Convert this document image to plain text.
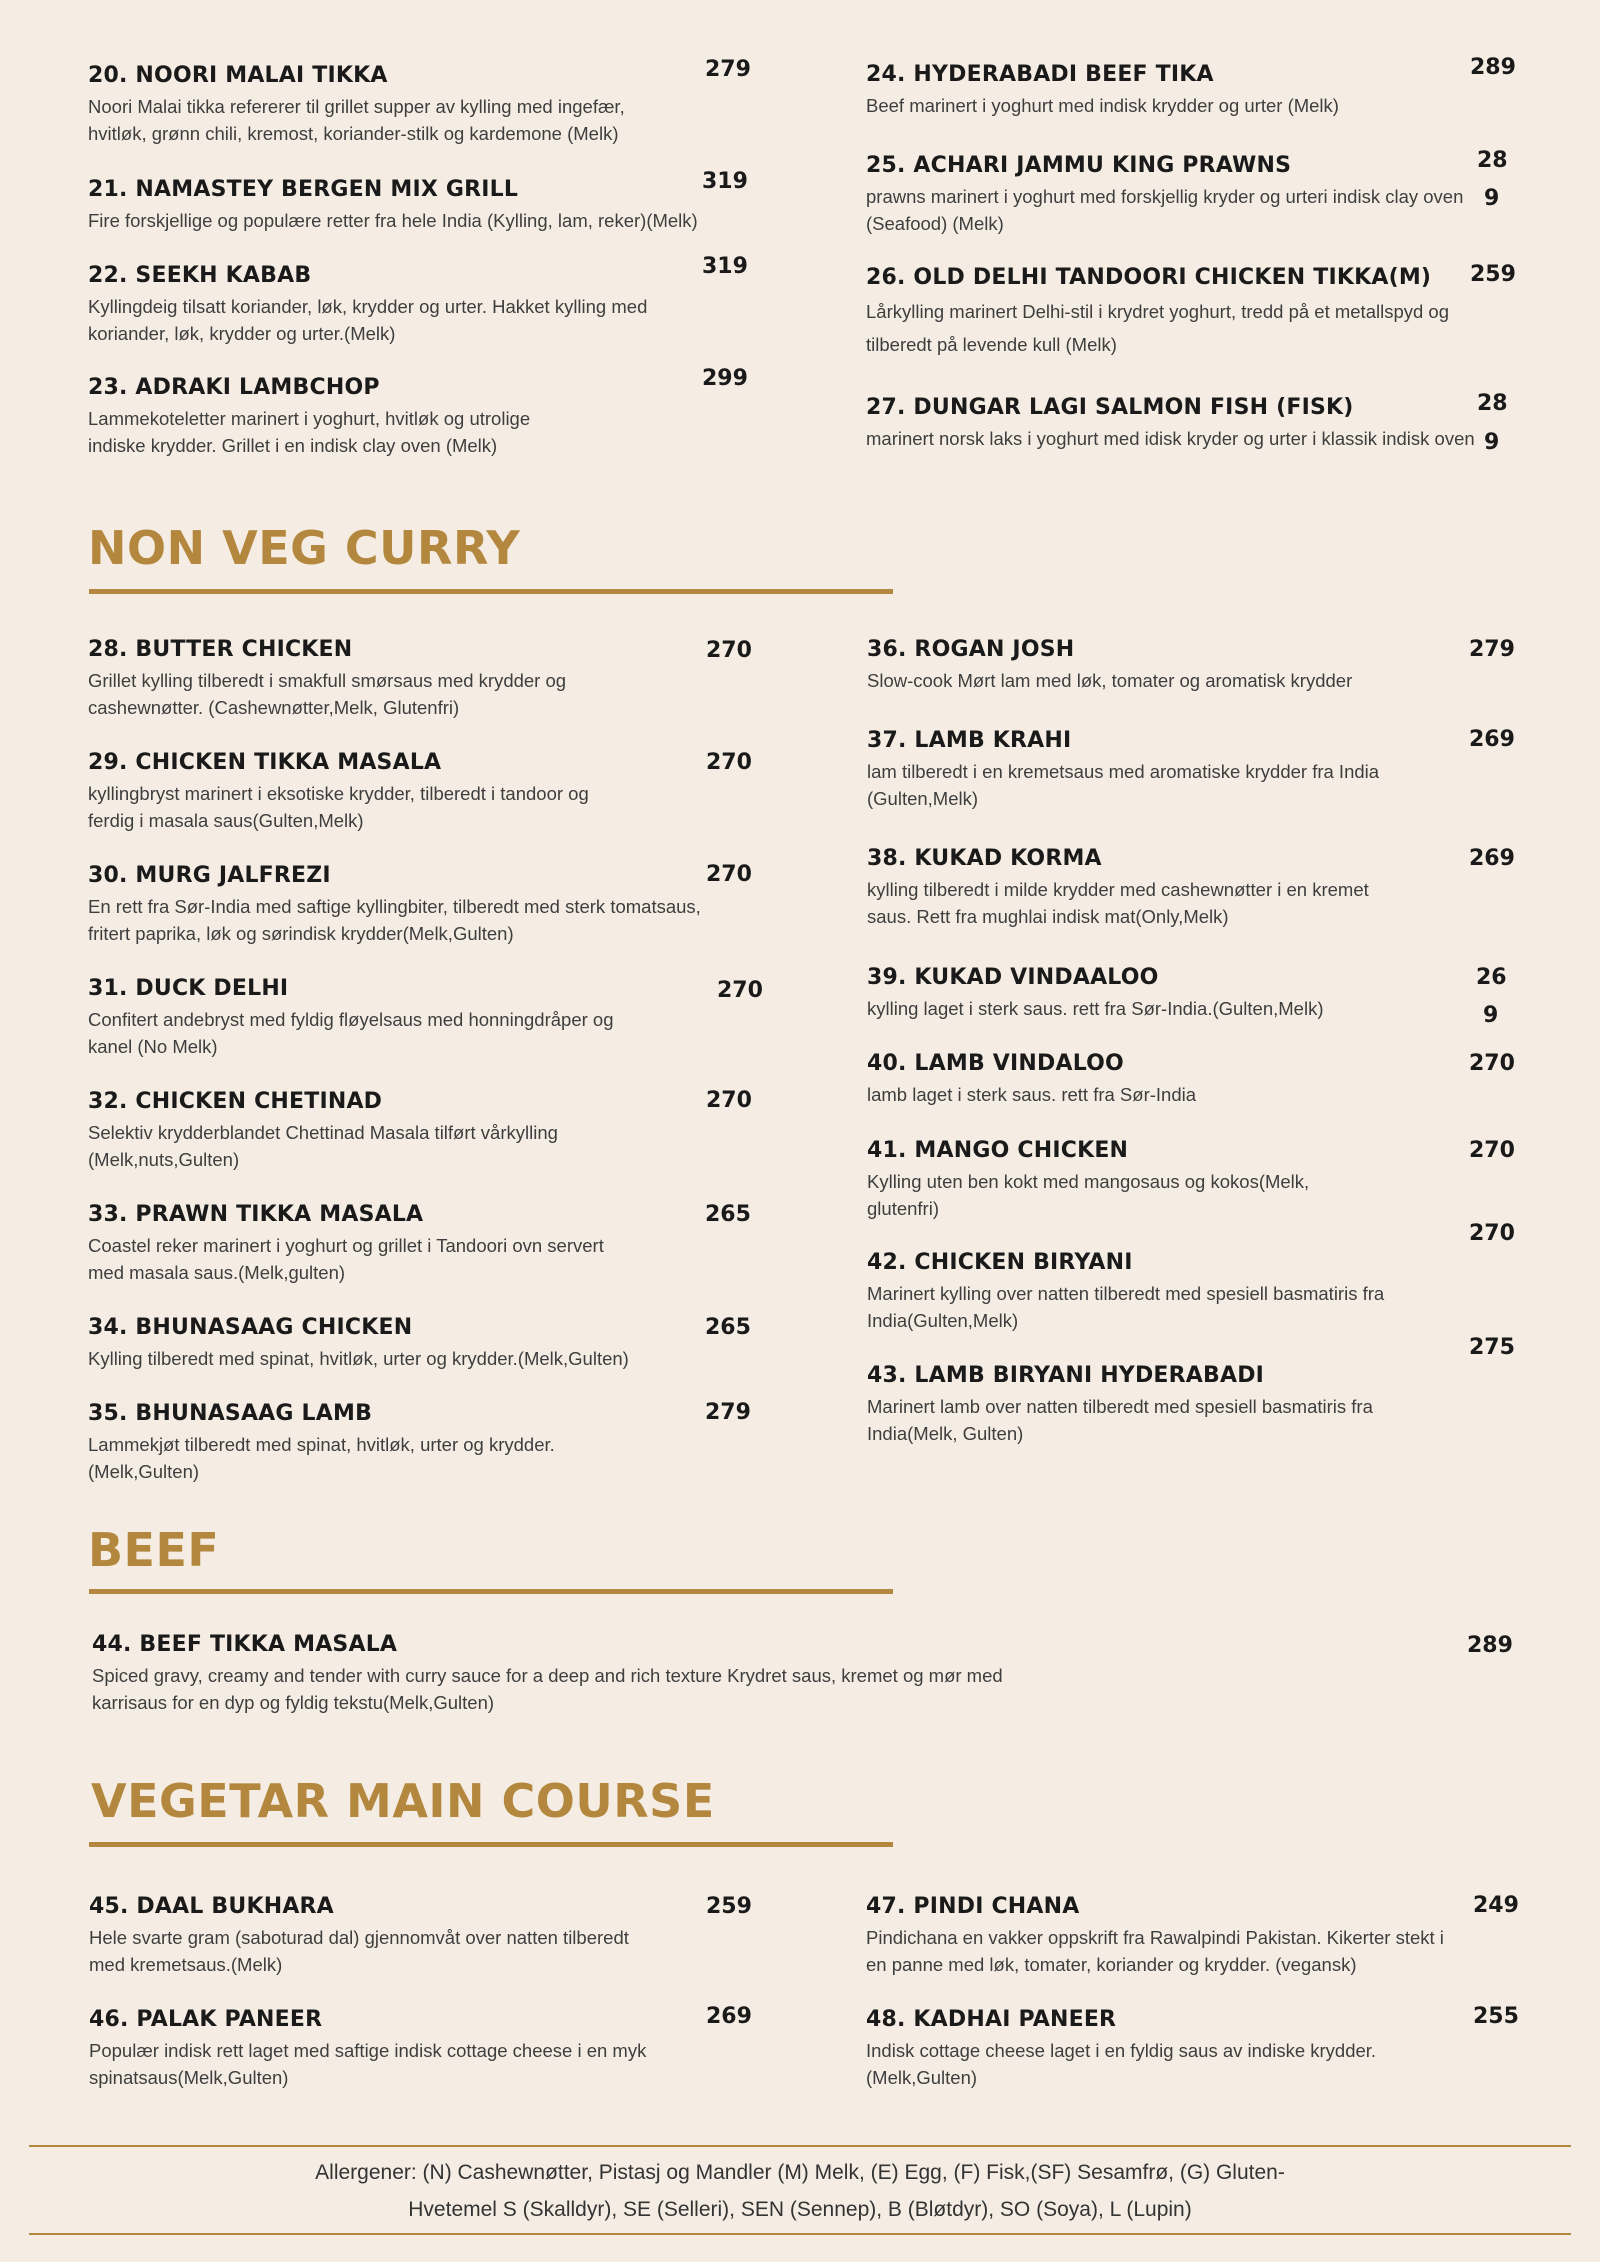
20. NOORI MALAI TIKKA
Noori Malai tikka refererer til grillet supper av kylling med ingefær, hvitløk, grønn chili, kremost, koriander-stilk og kardemone (Melk)
279
21. NAMASTEY BERGEN MIX GRILL
Fire forskjellige og populære retter fra hele India (Kylling, lam, reker)(Melk)
319
22. SEEKH KABAB
Kyllingdeig tilsatt koriander, løk, krydder og urter. Hakket kylling med koriander, løk, krydder og urter.(Melk)
319
23. ADRAKI LAMBCHOP
Lammekoteletter marinert i yoghurt, hvitløk og utrolige indiske krydder. Grillet i en indisk clay oven (Melk)
299
24. HYDERABADI BEEF TIKA
Beef marinert i yoghurt med indisk krydder og urter (Melk)
289
25. ACHARI JAMMU KING PRAWNS
prawns marinert i yoghurt med forskjellig kryder og urteri indisk clay oven (Seafood) (Melk)
28
9
26. OLD DELHI TANDOORI CHICKEN TIKKA(M)
Lårkylling marinert Delhi-stil i krydret yoghurt, tredd på et metallspyd og tilberedt på levende kull (Melk)
259
27. DUNGAR LAGI SALMON FISH (FISK)
marinert norsk laks i yoghurt med idisk kryder og urter i klassik indisk oven
28
9
NON VEG CURRY
28. BUTTER CHICKEN
Grillet kylling tilberedt i smakfull smørsaus med krydder og cashewnøtter. (Cashewnøtter,Melk, Glutenfri)
270
29. CHICKEN TIKKA MASALA
kyllingbryst marinert i eksotiske krydder, tilberedt i tandoor og ferdig i masala saus(Gulten,Melk)
270
30. MURG JALFREZI
En rett fra Sør-India med saftige kyllingbiter, tilberedt med sterk tomatsaus, fritert paprika, løk og sørindisk krydder(Melk,Gulten)
270
31. DUCK DELHI
Confitert andebryst med fyldig fløyelsaus med honningdråper og kanel (No Melk)
270
32. CHICKEN CHETINAD
Selektiv krydderblandet Chettinad Masala tilført vårkylling (Melk,nuts,Gulten)
270
33. PRAWN TIKKA MASALA
Coastel reker marinert i yoghurt og grillet i Tandoori ovn servert med masala saus.(Melk,gulten)
265
34. BHUNASAAG CHICKEN
Kylling tilberedt med spinat, hvitløk, urter og krydder.(Melk,Gulten)
265
35. BHUNASAAG LAMB
Lammekjøt tilberedt med spinat, hvitløk, urter og krydder. (Melk,Gulten)
279
36. ROGAN JOSH
Slow-cook Mørt lam med løk, tomater og aromatisk krydder
279
37. LAMB KRAHI
lam tilberedt i en kremetsaus med aromatiske krydder fra India (Gulten,Melk)
269
38. KUKAD KORMA
kylling tilberedt i milde krydder med cashewnøtter i en kremet saus. Rett fra mughlai indisk mat(Only,Melk)
269
39. KUKAD VINDAALOO
kylling laget i sterk saus. rett fra Sør-India.(Gulten,Melk)
26
9
40. LAMB VINDALOO
lamb laget i sterk saus. rett fra Sør-India
270
41. MANGO CHICKEN
Kylling uten ben kokt med mangosaus og kokos(Melk, glutenfri)
270
42. CHICKEN BIRYANI
Marinert kylling over natten tilberedt med spesiell basmatiris fra India(Gulten,Melk)
270
43. LAMB BIRYANI HYDERABADI
Marinert lamb over natten tilberedt med spesiell basmatiris fra India(Melk, Gulten)
275
BEEF
44. BEEF TIKKA MASALA
Spiced gravy, creamy and tender with curry sauce for a deep and rich texture Krydret saus, kremet og mør med karrisaus for en dyp og fyldig tekstu(Melk,Gulten)
289
VEGETAR MAIN COURSE
45. DAAL BUKHARA
Hele svarte gram (saboturad dal) gjennomvåt over natten tilberedt med kremetsaus.(Melk)
259
46. PALAK PANEER
Populær indisk rett laget med saftige indisk cottage cheese i en myk spinatsaus(Melk,Gulten)
269
47. PINDI CHANA
Pindichana en vakker oppskrift fra Rawalpindi Pakistan. Kikerter stekt i en panne med løk, tomater, koriander og krydder. (vegansk)
249
48. KADHAI PANEER
Indisk cottage cheese laget i en fyldig saus av indiske krydder.(Melk,Gulten)
255
Allergener: (N) Cashewnøtter, Pistasj og Mandler (M) Melk, (E) Egg, (F) Fisk,(SF) Sesamfrø, (G) Gluten-
Hvetemel S (Skalldyr), SE (Selleri), SEN (Sennep), B (Bløtdyr), SO (Soya), L (Lupin)
